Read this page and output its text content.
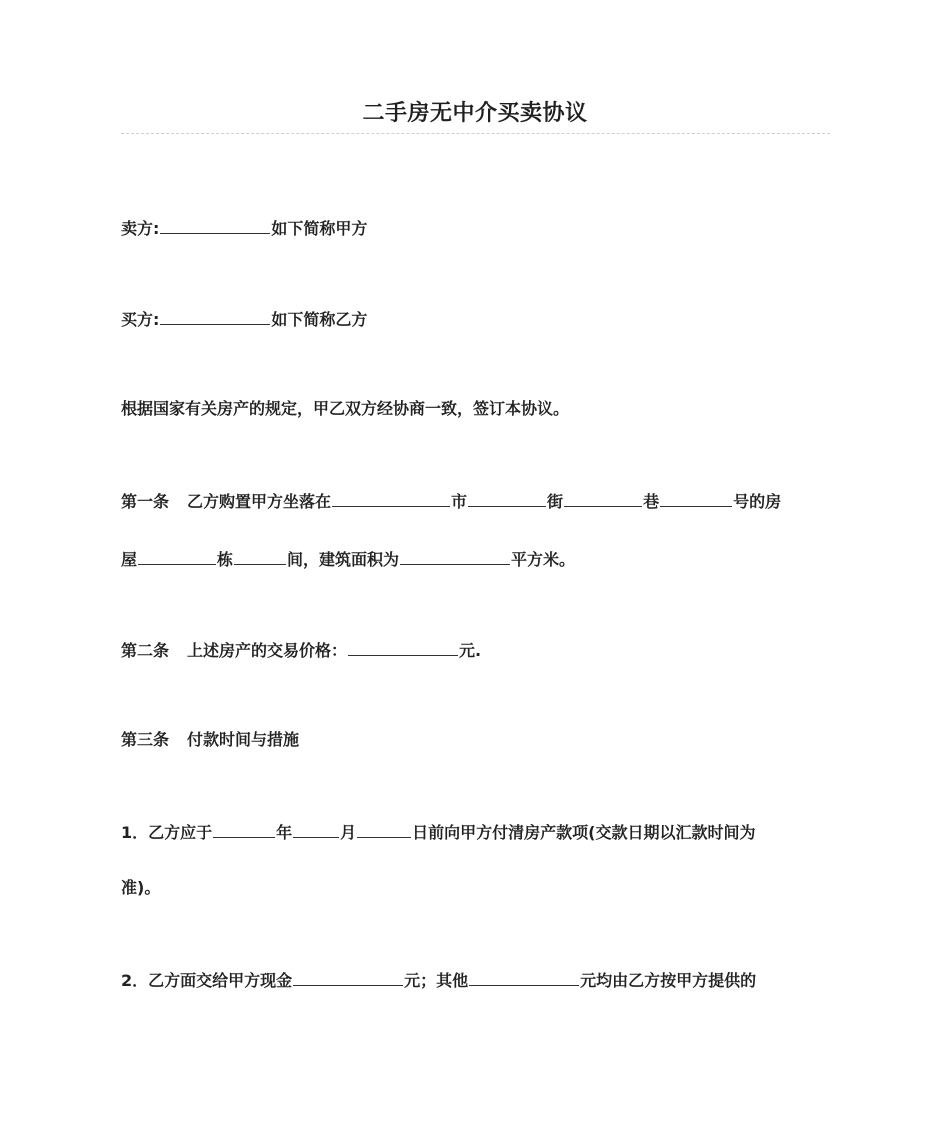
二手房无中介买卖协议
卖方:	如下简称甲方
买方:	如下简称乙方
根据国家有关房产的规定，甲乙双方经协商一致，签订本协议。
第一条 乙方购置甲方坐落在	市	街	巷	号的房
屋	栋	间，建筑面积为	平方米。
第二条 上述房产的交易价格：	元.
第三条 付款时间与措施
1．乙方应于	年	月	日前向甲方付清房产款项(交款日期以汇款时间为
准)。
2．乙方面交给甲方现金	元；其他	元均由乙方按甲方提供的
